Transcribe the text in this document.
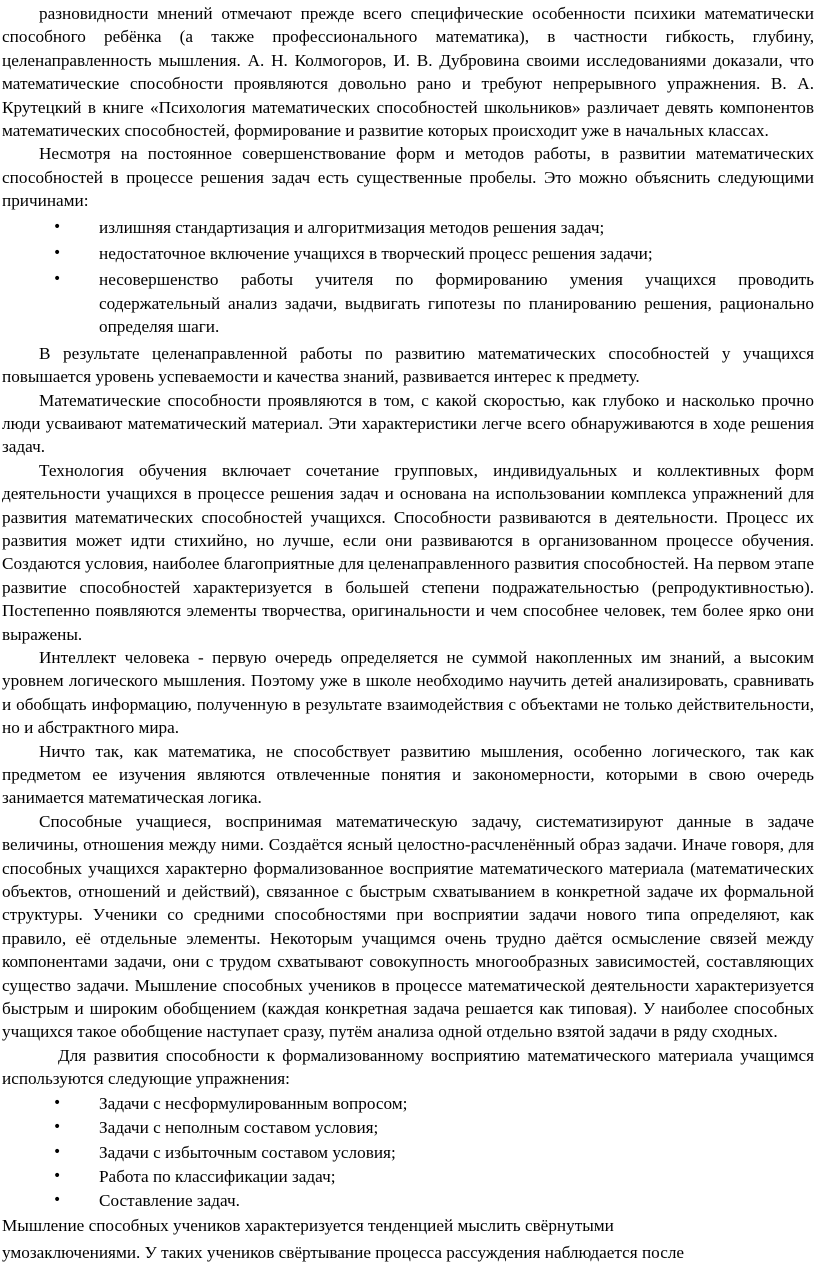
разновидности мнений отмечают прежде всего специфические особенности психики математически способного ребёнка (а также профессионального математика), в частности гибкость, глубину, целенаправленность мышления. А. Н. Колмогоров, И. В. Дубровина своими исследованиями доказали, что математические способности проявляются довольно рано и требуют непрерывного упражнения. В. А. Крутецкий в книге «Психология математических способностей школьников» различает девять компонентов математических способностей, формирование и развитие которых происходит уже в начальных классах.

Несмотря на постоянное совершенствование форм и методов работы, в развитии математических способностей в процессе решения задач есть существенные пробелы. Это можно объяснить следующими причинами:

• излишняя стандартизация и алгоритмизация методов решения задач;
• недостаточное включение учащихся в творческий процесс решения задачи;
• несовершенство работы учителя по формированию умения учащихся проводить содержательный анализ задачи, выдвигать гипотезы по планированию решения, рационально определяя шаги.

В результате целенаправленной работы по развитию математических способностей у учащихся повышается уровень успеваемости и качества знаний, развивается интерес к предмету.

Математические способности проявляются в том, с какой скоростью, как глубоко и насколько прочно люди усваивают математический материал. Эти характеристики легче всего обнаруживаются в ходе решения задач.

Технология обучения включает сочетание групповых, индивидуальных и коллективных форм деятельности учащихся в процессе решения задач и основана на использовании комплекса упражнений для развития математических способностей учащихся. Способности развиваются в деятельности. Процесс их развития может идти стихийно, но лучше, если они развиваются в организованном процессе обучения. Создаются условия, наиболее благоприятные для целенаправленного развития способностей. На первом этапе развитие способностей характеризуется в большей степени подражательностью (репродуктивностью). Постепенно появляются элементы творчества, оригинальности и чем способнее человек, тем более ярко они выражены.

Интеллект человека - первую очередь определяется не суммой накопленных им знаний, а высоким уровнем логического мышления. Поэтому уже в школе необходимо научить детей анализировать, сравнивать и обобщать информацию, полученную в результате взаимодействия с объектами не только действительности, но и абстрактного мира.

Ничто так, как математика, не способствует развитию мышления, особенно логического, так как предметом ее изучения являются отвлеченные понятия и закономерности, которыми в свою очередь занимается математическая логика.

Способные учащиеся, воспринимая математическую задачу, систематизируют данные в задаче величины, отношения между ними. Создаётся ясный целостно-расчленённый образ задачи. Иначе говоря, для способных учащихся характерно формализованное восприятие математического материала (математических объектов, отношений и действий), связанное с быстрым схватыванием в конкретной задаче их формальной структуры. Ученики со средними способностями при восприятии задачи нового типа определяют, как правило, её отдельные элементы. Некоторым учащимся очень трудно даётся осмысление связей между компонентами задачи, они с трудом схватывают совокупность многообразных зависимостей, составляющих существо задачи. Мышление способных учеников в процессе математической деятельности характеризуется быстрым и широким обобщением (каждая конкретная задача решается как типовая). У наиболее способных учащихся такое обобщение наступает сразу, путём анализа одной отдельно взятой задачи в ряду сходных.

Для развития способности к формализованному восприятию математического материала учащимся используются следующие упражнения:

• Задачи с несформулированным вопросом;
• Задачи с неполным составом условия;
• Задачи с избыточным составом условия;
• Работа по классификации задач;
• Составление задач.

Мышление способных учеников характеризуется тенденцией мыслить свёрнутыми

умозаключениями. У таких учеников свёртывание процесса рассуждения наблюдается после
